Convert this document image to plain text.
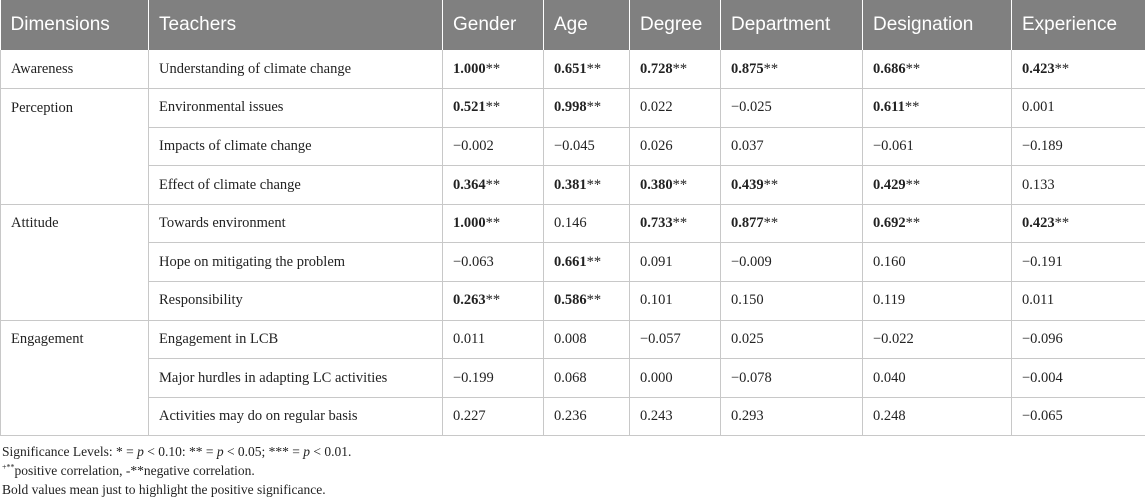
Dimensions	Teachers	Gender	Age	Degree	Department	Designation	Experience
Awareness	Understanding of climate change	1.000**	0.651**	0.728**	0.875**	0.686**	0.423**
Perception	Environmental issues	0.521**	0.998**	0.022	−0.025	0.611**	0.001
	Impacts of climate change	−0.002	−0.045	0.026	0.037	−0.061	−0.189
	Effect of climate change	0.364**	0.381**	0.380**	0.439**	0.429**	0.133
Attitude	Towards environment	1.000**	0.146	0.733**	0.877**	0.692**	0.423**
	Hope on mitigating the problem	−0.063	0.661**	0.091	−0.009	0.160	−0.191
	Responsibility	0.263**	0.586**	0.101	0.150	0.119	0.011
Engagement	Engagement in LCB	0.011	0.008	−0.057	0.025	−0.022	−0.096
	Major hurdles in adapting LC activities	−0.199	0.068	0.000	−0.078	0.040	−0.004
	Activities may do on regular basis	0.227	0.236	0.243	0.293	0.248	−0.065
Significance Levels: * = p < 0.10: ** = p < 0.05; *** = p < 0.01.
+**positive correlation, -**negative correlation.
Bold values mean just to highlight the positive significance.
